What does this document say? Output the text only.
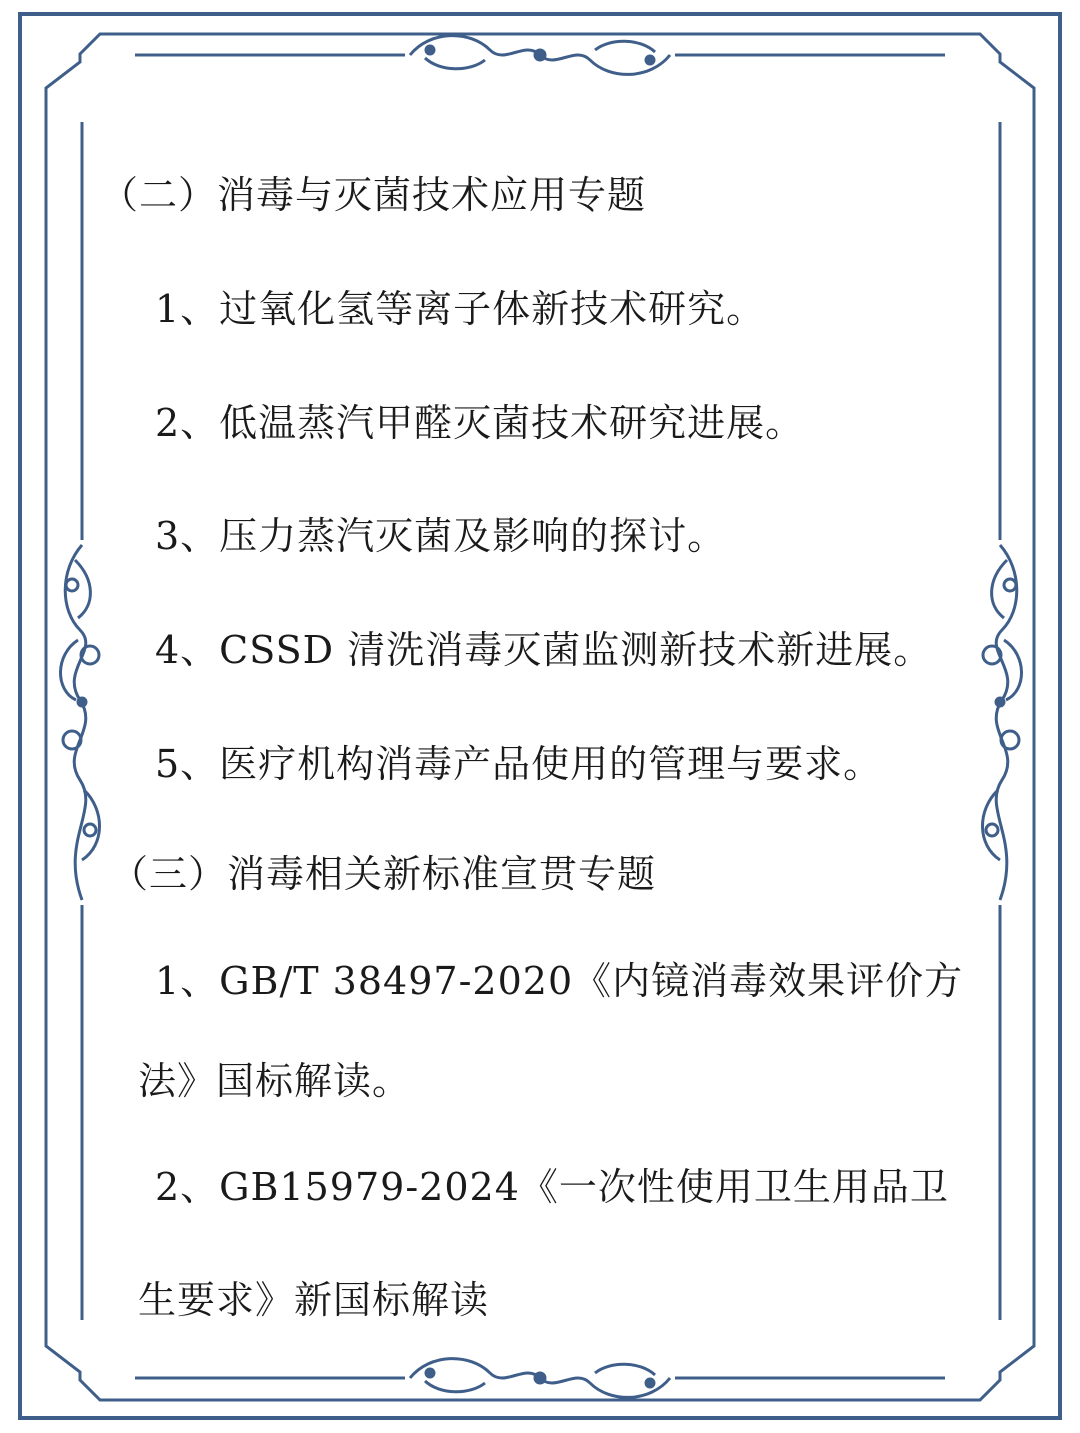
（二）消毒与灭菌技术应用专题

1、过氧化氢等离子体新技术研究。

2、低温蒸汽甲醛灭菌技术研究进展。

3、压力蒸汽灭菌及影响的探讨。

4、CSSD 清洗消毒灭菌监测新技术新进展。

5、医疗机构消毒产品使用的管理与要求。

（三）消毒相关新标准宣贯专题

1、GB/T 38497-2020《内镜消毒效果评价方

法》国标解读。

2、GB15979-2024《一次性使用卫生用品卫

生要求》新国标解读
